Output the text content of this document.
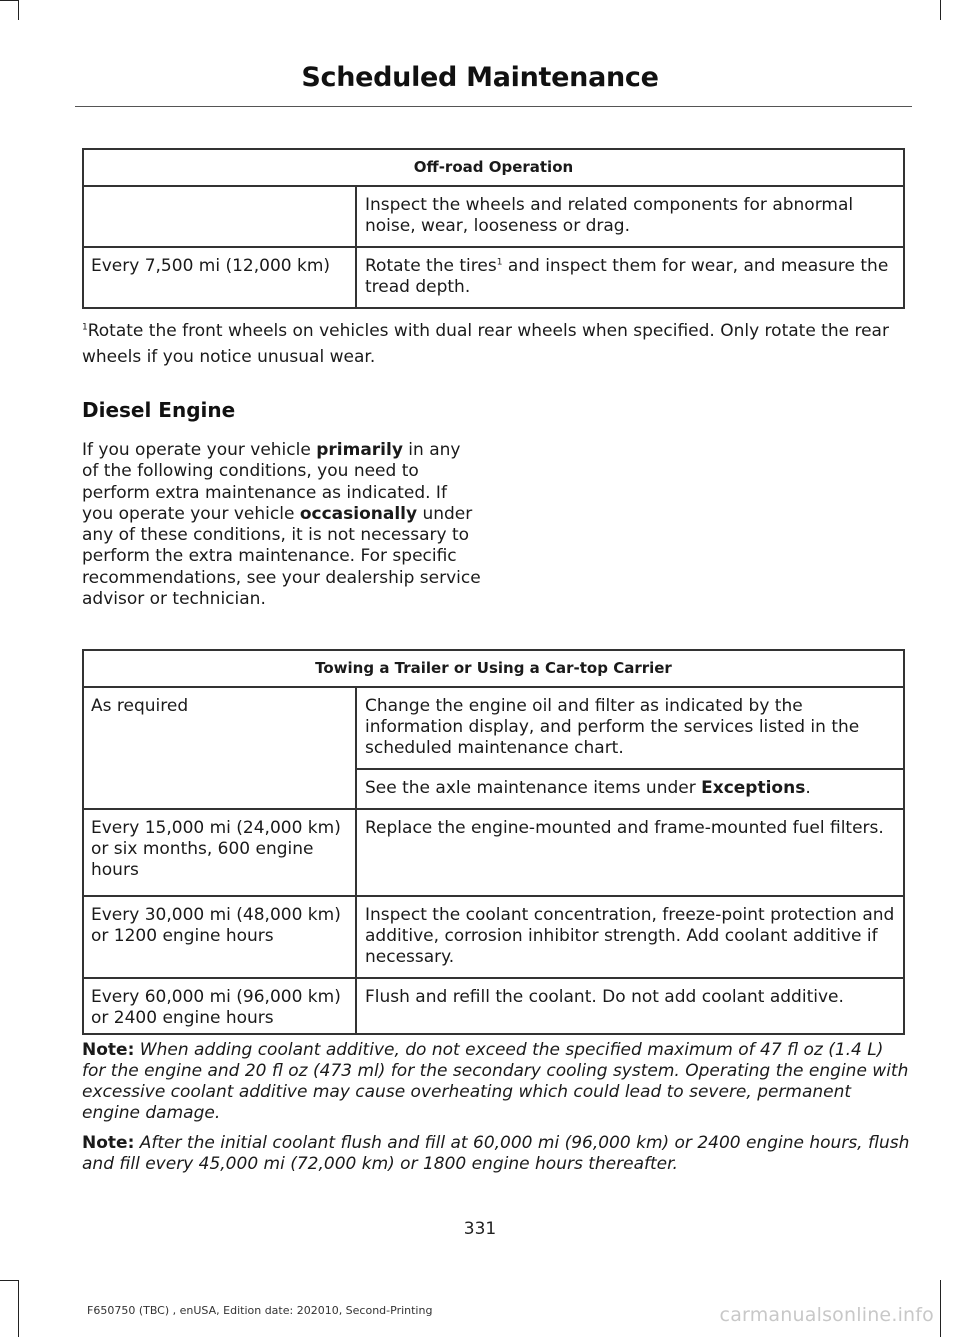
Scheduled Maintenance
Off-road Operation	
	Inspect the wheels and related components for abnormal noise, wear, looseness or drag.
Every 7,500 mi (12,000 km)	Rotate the tires$^1$ and inspect them for wear, and measure the tread depth.
$^1$Rotate the front wheels on vehicles with dual rear wheels when specified. Only rotate the rear wheels if you notice unusual wear.
Diesel Engine
If you operate your vehicle primarily in any of the following conditions, you need to perform extra maintenance as indicated. If you operate your vehicle occasionally under any of these conditions, it is not necessary to perform the extra maintenance. For specific recommendations, see your dealership service advisor or technician.
Towing a Trailer or Using a Car-top Carrier	
As required	Change the engine oil and filter as indicated by the information display, and perform the services listed in the scheduled maintenance chart.
	See the axle maintenance items under Exceptions.
Every 15,000 mi (24,000 km) or six months, 600 engine hours	Replace the engine-mounted and frame-mounted fuel filters.
Every 30,000 mi (48,000 km) or 1200 engine hours	Inspect the coolant concentration, freeze-point protection and additive, corrosion inhibitor strength. Add coolant additive if necessary.
Every 60,000 mi (96,000 km) or 2400 engine hours	Flush and refill the coolant. Do not add coolant additive.
Note: When adding coolant additive, do not exceed the specified maximum of 47 fl oz (1.4 L) for the engine and 20 fl oz (473 ml) for the secondary cooling system. Operating the engine with excessive coolant additive may cause overheating which could lead to severe, permanent engine damage.
Note: After the initial coolant flush and fill at 60,000 mi (96,000 km) or 2400 engine hours, flush and fill every 45,000 mi (72,000 km) or 1800 engine hours thereafter.
331
F650750 (TBC) , enUSA, Edition date: 202010, Second-Printing	carmanualsonline.info
